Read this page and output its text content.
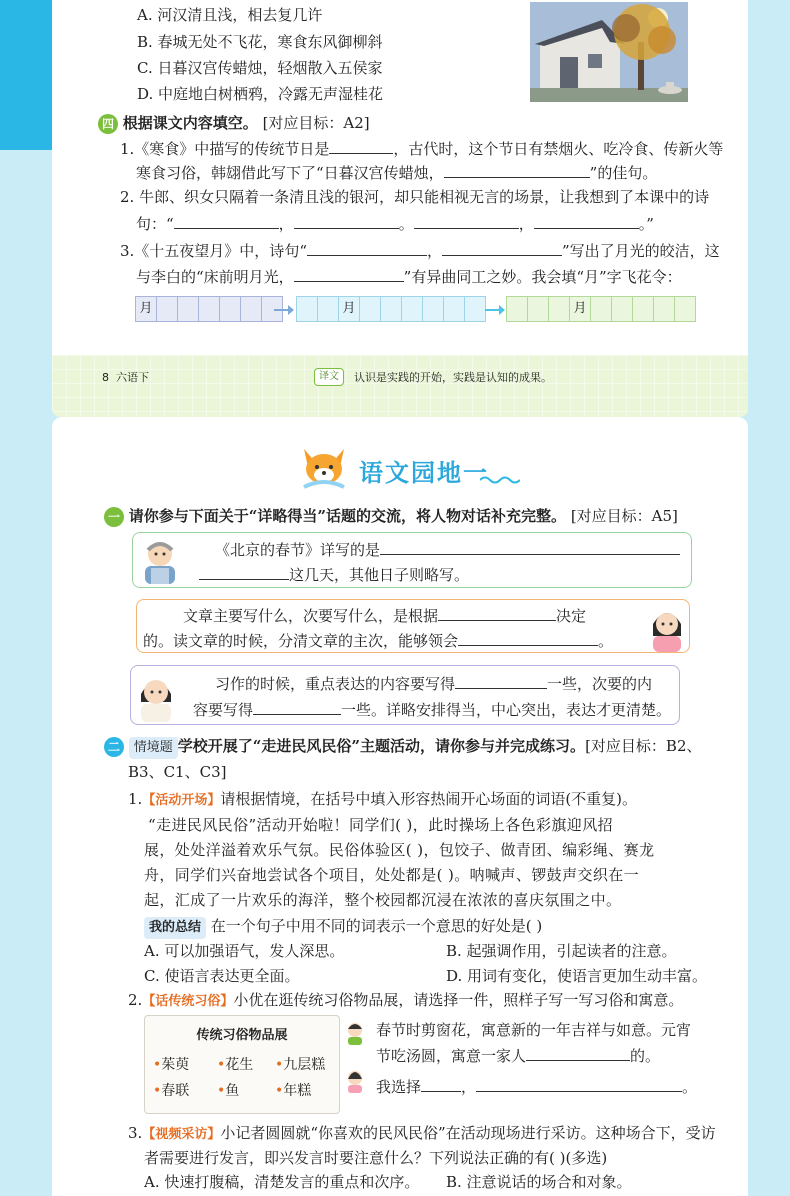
A. 河汉清且浅，相去复几许
B. 春城无处不飞花，寒食东风御柳斜
C. 日暮汉宫传蜡烛，轻烟散入五侯家
D. 中庭地白树栖鸦，冷露无声湿桂花
四 根据课文内容填空。 [对应目标：A2]
1.《寒食》中描写的传统节日是	，古代时，这个节日有禁烟火、吃冷食、传新火等
寒食习俗，韩翃借此写下了“日暮汉宫传蜡烛，	”的佳句。
2. 牛郎、织女只隔着一条清且浅的银河，却只能相视无言的场景，让我想到了本课中的诗
句：“	，	。	，	。”
3.《十五夜望月》中，诗句“	，	”写出了月光的皎洁，这
与李白的“床前明月光，	”有异曲同工之妙。我会填“月”字飞花令：
月	月	月
8 六语下	译文	认识是实践的开始，实践是认知的成果。
语文园地一
一 请你参与下面关于“详略得当”话题的交流，将人物对话补充完整。 [对应目标：A5]
《北京的春节》详写的是
这几天，其他日子则略写。
文章主要写什么，次要写什么，是根据	决定
的。读文章的时候，分清文章的主次，能够领会	。
习作的时候，重点表达的内容要写得	一些，次要的内
容要写得	一些。详略安排得当，中心突出，表达才更清楚。
二 情境题 学校开展了“走进民风民俗”主题活动，请你参与并完成练习。[对应目标：B2、
B3、C1、C3]
1.【活动开场】请根据情境，在括号中填入形容热闹开心场面的词语(不重复)。
“走进民风民俗”活动开始啦！同学们( )，此时操场上各色彩旗迎风招
展，处处洋溢着欢乐气氛。民俗体验区( )，包饺子、做青团、编彩绳、赛龙
舟，同学们兴奋地尝试各个项目，处处都是( )。呐喊声、锣鼓声交织在一
起，汇成了一片欢乐的海洋，整个校园都沉浸在浓浓的喜庆氛围之中。
我的总结 在一个句子中用不同的词表示一个意思的好处是( )
A. 可以加强语气，发人深思。	B. 起强调作用，引起读者的注意。
C. 使语言表达更全面。	D. 用词有变化，使语言更加生动丰富。
2.【话传统习俗】小优在逛传统习俗物品展，请选择一件，照样子写一写习俗和寓意。
传统习俗物品展
•茱萸 •花生 •九层糕
•春联 •鱼	•年糕
春节时剪窗花，寓意新的一年吉祥与如意。元宵
节吃汤圆，寓意一家人	的。
我选择	，	。
3.【视频采访】小记者圆圆就“你喜欢的民风民俗”在活动现场进行采访。这种场合下，受访
者需要进行发言，即兴发言时要注意什么？下列说法正确的有( )(多选)
A. 快速打腹稿，清楚发言的重点和次序。 B. 注意说话的场合和对象。
